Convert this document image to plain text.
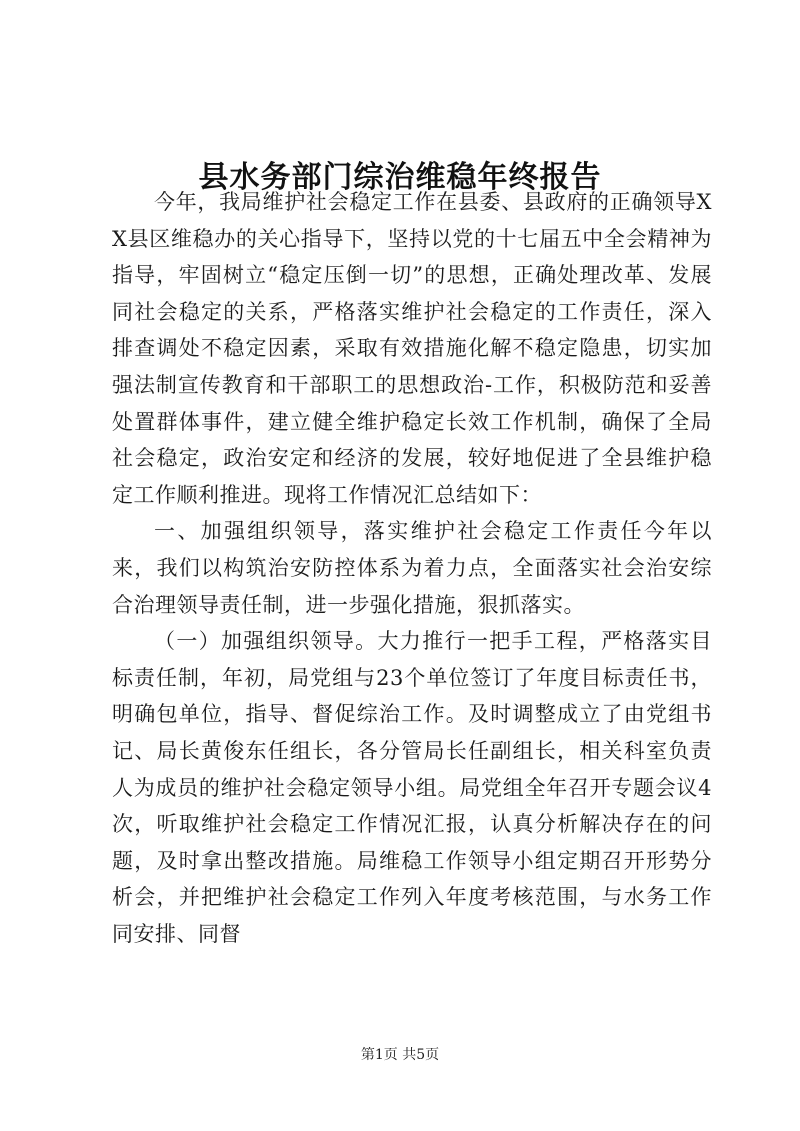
县水务部门综治维稳年终报告

今年，我局维护社会稳定工作在县委、县政府的正确领导XX县区维稳办的关心指导下，坚持以党的十七届五中全会精神为指导，牢固树立“稳定压倒一切”的思想，正确处理改革、发展同社会稳定的关系，严格落实维护社会稳定的工作责任，深入排查调处不稳定因素，采取有效措施化解不稳定隐患，切实加强法制宣传教育和干部职工的思想政治-工作，积极防范和妥善处置群体事件，建立健全维护稳定长效工作机制，确保了全局社会稳定，政治安定和经济的发展，较好地促进了全县维护稳定工作顺利推进。现将工作情况汇总结如下：

一、加强组织领导，落实维护社会稳定工作责任今年以来，我们以构筑治安防控体系为着力点，全面落实社会治安综合治理领导责任制，进一步强化措施，狠抓落实。

（一）加强组织领导。大力推行一把手工程，严格落实目标责任制，年初，局党组与23个单位签订了年度目标责任书，明确包单位，指导、督促综治工作。及时调整成立了由党组书记、局长黄俊东任组长，各分管局长任副组长，相关科室负责人为成员的维护社会稳定领导小组。局党组全年召开专题会议4次，听取维护社会稳定工作情况汇报，认真分析解决存在的问题，及时拿出整改措施。局维稳工作领导小组定期召开形势分析会，并把维护社会稳定工作列入年度考核范围，与水务工作同安排、同督

第1页 共5页
